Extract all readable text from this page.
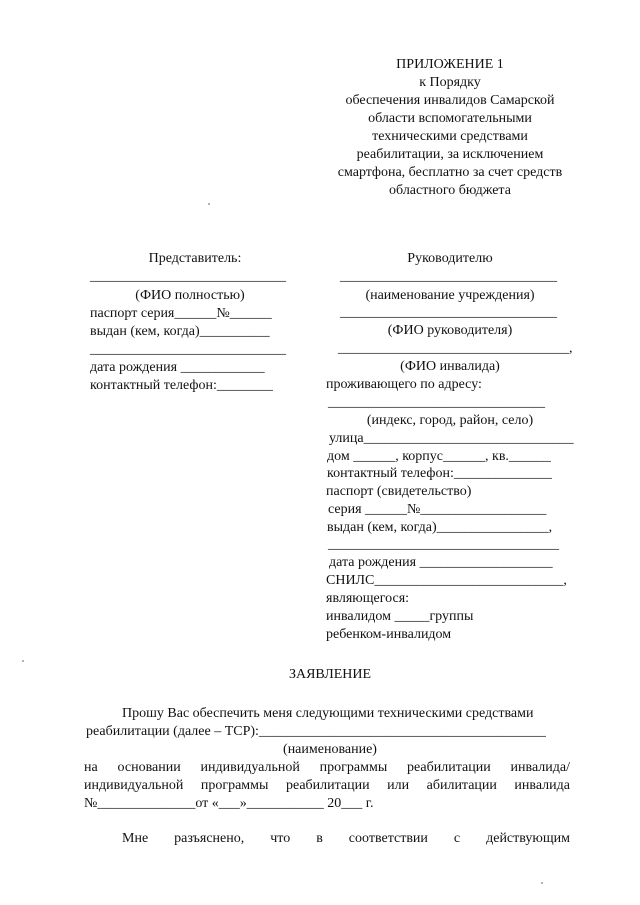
ПРИЛОЖЕНИЕ 1
к Порядку
обеспечения инвалидов Самарской
области вспомогательными
техническими средствами
реабилитации, за исключением
смартфона, бесплатно за счет средств
областного бюджета
Представитель:
____________________________
(ФИО полностью)
паспорт серия______№______
выдан (кем, когда)__________
____________________________
дата рождения ____________
контактный телефон:________
Руководителю
_______________________________
(наименование учреждения)
_______________________________
(ФИО руководителя)
_________________________________,
(ФИО инвалида)
проживающего по адресу:
_______________________________
(индекс, город, район, село)
улица______________________________
дом ______, корпус______, кв.______
контактный телефон:______________
паспорт (свидетельство)
серия ______№__________________
выдан (кем, когда)________________,
_________________________________
дата рождения ___________________
СНИЛС___________________________,
являющегося:
инвалидом _____группы
ребенком-инвалидом
ЗАЯВЛЕНИЕ
Прошу Вас обеспечить меня следующими техническими средствами
реабилитации (далее – ТСР):_________________________________________
(наименование)
на основании индивидуальной программы реабилитации инвалида/
индивидуальной программы реабилитации или абилитации инвалида
№______________от «___»___________ 20___ г.
Мне разъяснено, что в соответствии с действующим
